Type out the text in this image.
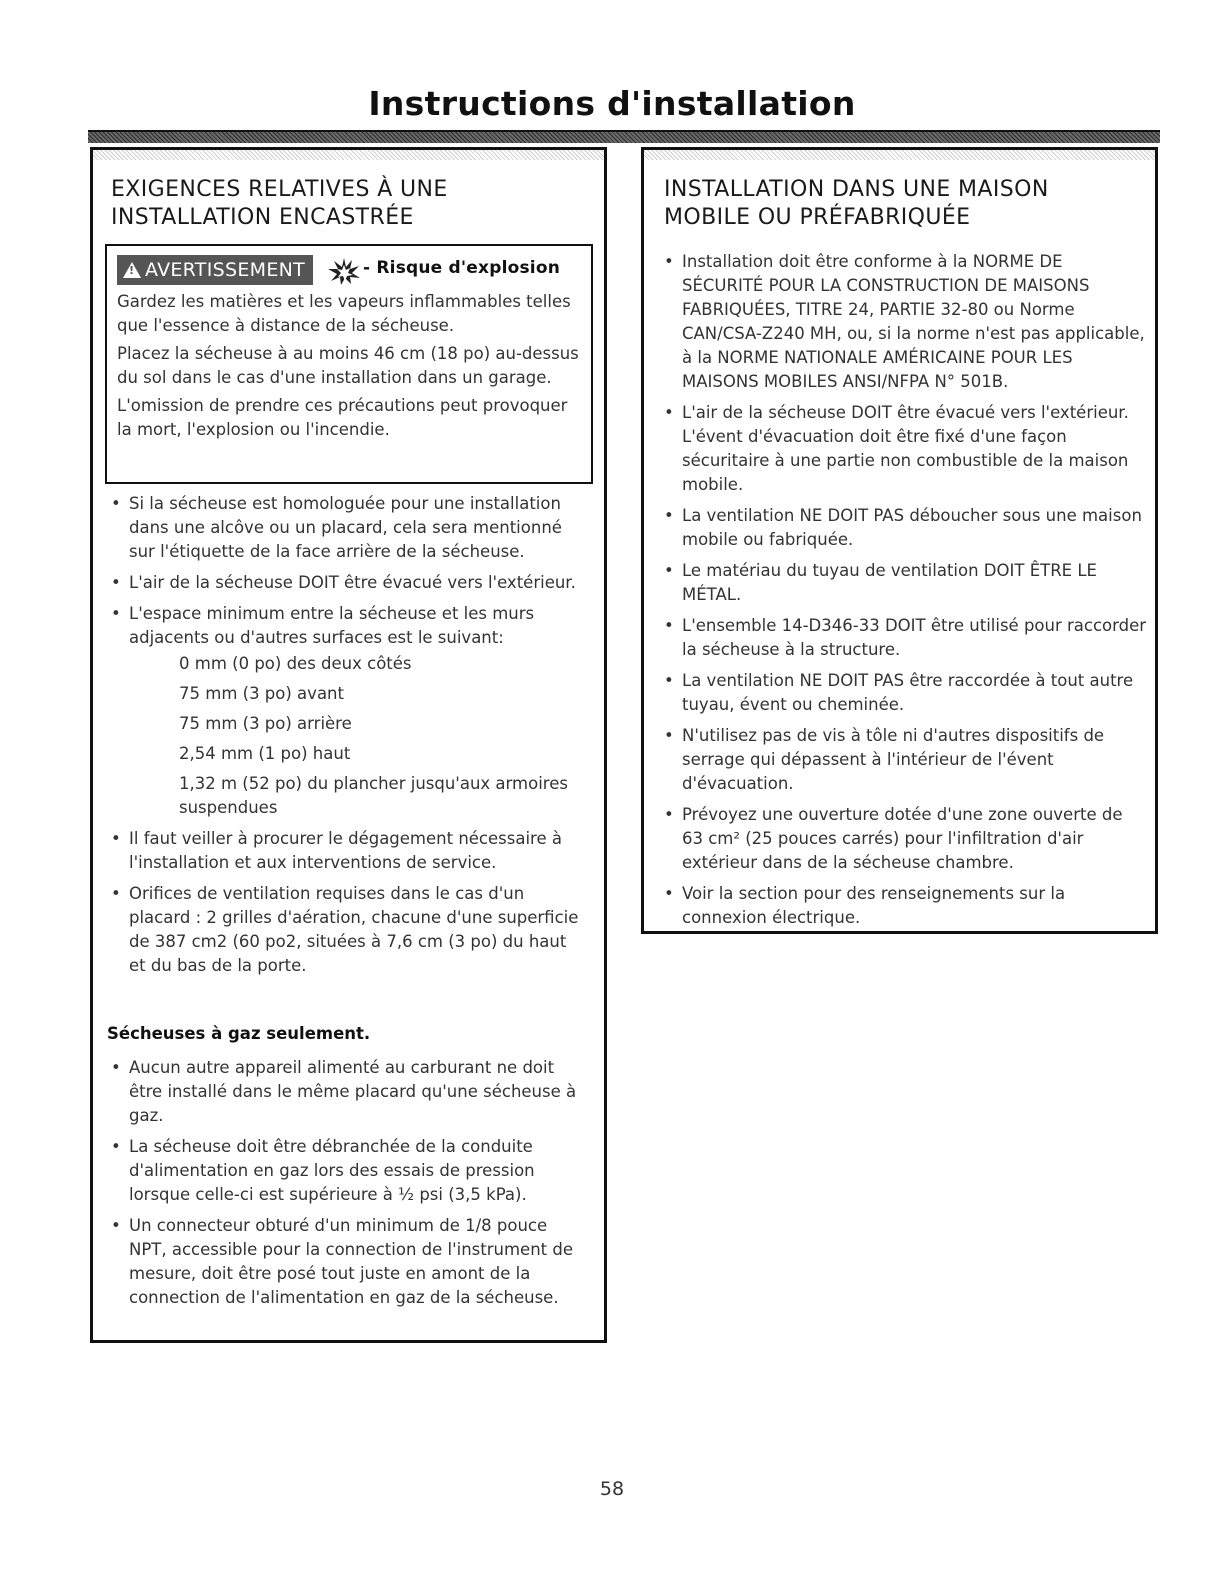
Instructions d'installation
EXIGENCES RELATIVES À UNE
INSTALLATION ENCASTRÉE
! AVERTISSEMENT	- Risque d'explosion

Gardez les matières et les vapeurs inflammables telles que l'essence à distance de la sécheuse.

Placez la sécheuse à au moins 46 cm (18 po) au-dessus du sol dans le cas d'une installation dans un garage.

L'omission de prendre ces précautions peut provoquer la mort, l'explosion ou l'incendie.

• Si la sécheuse est homologuée pour une installation dans une alcôve ou un placard, cela sera mentionné sur l'étiquette de la face arrière de la sécheuse.
• L'air de la sécheuse DOIT être évacué vers l'extérieur.
• L'espace minimum entre la sécheuse et les murs adjacents ou d'autres surfaces est le suivant:
0 mm (0 po) des deux côtés
75 mm (3 po) avant
75 mm (3 po) arrière
2,54 mm (1 po) haut
1,32 m (52 po) du plancher jusqu'aux armoires suspendues
• Il faut veiller à procurer le dégagement nécessaire à l'installation et aux interventions de service.
• Orifices de ventilation requises dans le cas d'un placard : 2 grilles d'aération, chacune d'une superficie de 387 cm2 (60 po2, situées à 7,6 cm (3 po) du haut et du bas de la porte.
Sécheuses à gaz seulement.
• Aucun autre appareil alimenté au carburant ne doit être installé dans le même placard qu'une sécheuse à gaz.
• La sécheuse doit être débranchée de la conduite d'alimentation en gaz lors des essais de pression lorsque celle-ci est supérieure à ½ psi (3,5 kPa).
• Un connecteur obturé d'un minimum de 1/8 pouce NPT, accessible pour la connection de l'instrument de mesure, doit être posé tout juste en amont de la connection de l'alimentation en gaz de la sécheuse.
INSTALLATION DANS UNE MAISON
MOBILE OU PRÉFABRIQUÉE
• Installation doit être conforme à la NORME DE SÉCURITÉ POUR LA CONSTRUCTION DE MAISONS FABRIQUÉES, TITRE 24, PARTIE 32-80 ou Norme CAN/CSA-Z240 MH, ou, si la norme n'est pas applicable, à la NORME NATIONALE AMÉRICAINE POUR LES MAISONS MOBILES ANSI/NFPA N° 501B.
• L'air de la sécheuse DOIT être évacué vers l'extérieur. L'évent d'évacuation doit être fixé d'une façon sécuritaire à une partie non combustible de la maison mobile.
• La ventilation NE DOIT PAS déboucher sous une maison mobile ou fabriquée.
• Le matériau du tuyau de ventilation DOIT ÊTRE LE MÉTAL.
• L'ensemble 14-D346-33 DOIT être utilisé pour raccorder la sécheuse à la structure.
• La ventilation NE DOIT PAS être raccordée à tout autre tuyau, évent ou cheminée.
• N'utilisez pas de vis à tôle ni d'autres dispositifs de serrage qui dépassent à l'intérieur de l'évent d'évacuation.
• Prévoyez une ouverture dotée d'une zone ouverte de 63 cm² (25 pouces carrés) pour l'infiltration d'air extérieur dans de la sécheuse chambre.
• Voir la section pour des renseignements sur la connexion électrique.
58
